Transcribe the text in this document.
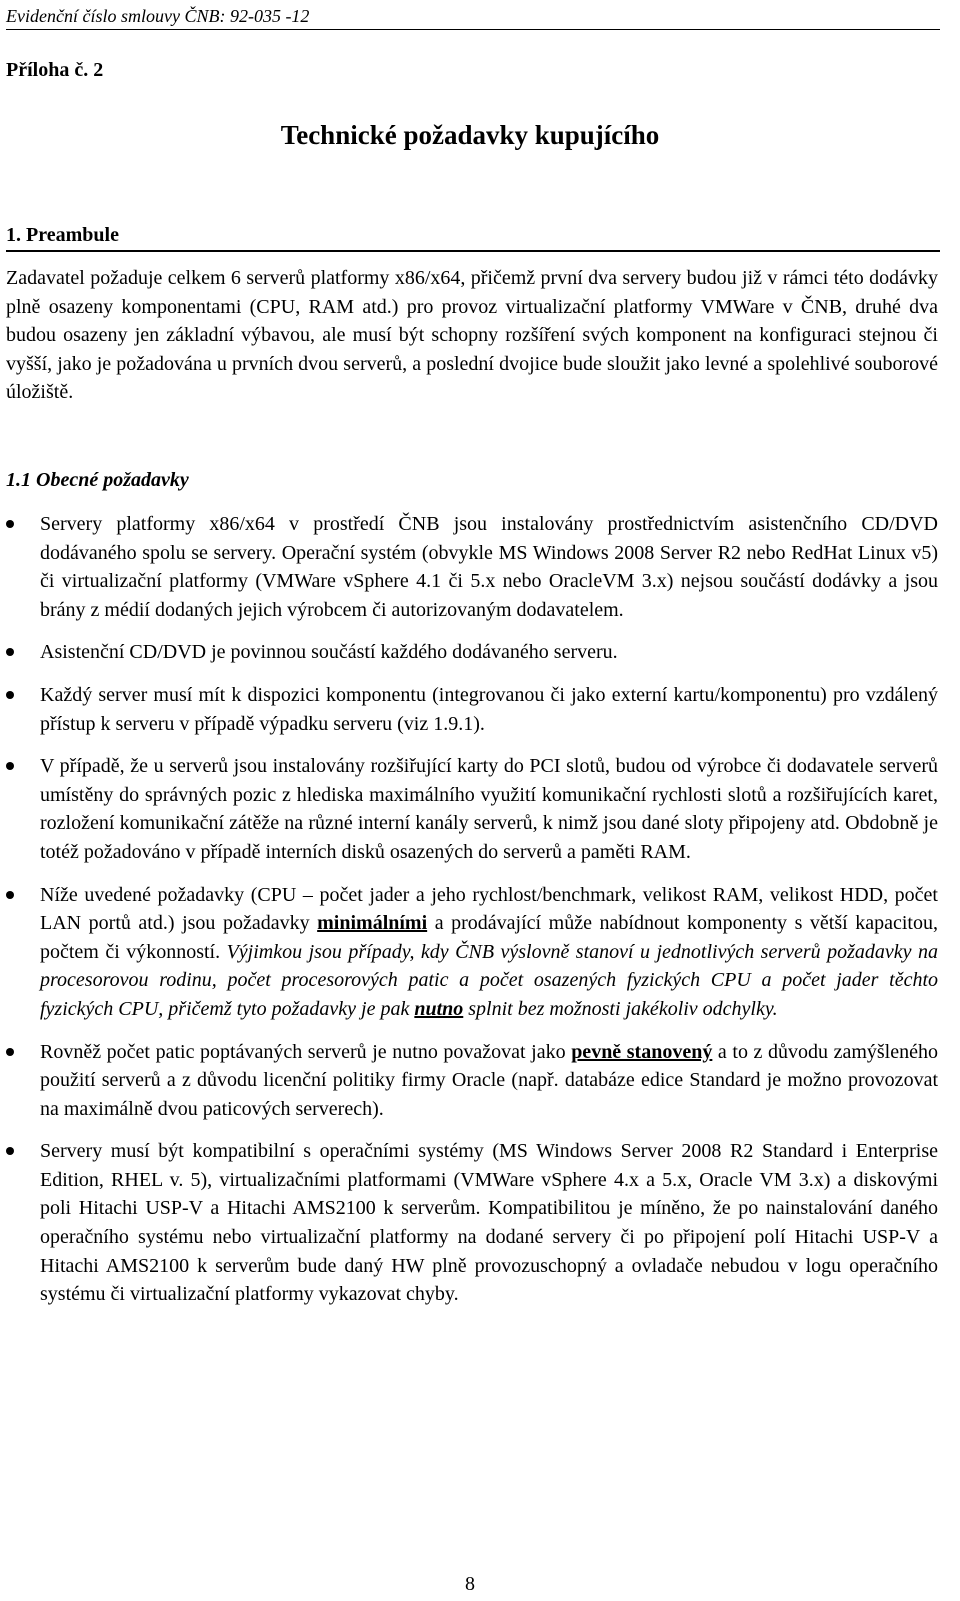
Evidenční číslo smlouvy ČNB: 92-035 -12
Příloha č. 2
Technické požadavky kupujícího
1. Preambule

Zadavatel požaduje celkem 6 serverů platformy x86/x64, přičemž první dva servery budou již v rámci této dodávky plně osazeny komponentami (CPU, RAM atd.) pro provoz virtualizační platformy VMWare v ČNB, druhé dva budou osazeny jen základní výbavou, ale musí být schopny rozšíření svých komponent na konfiguraci stejnou či vyšší, jako je požadována u prvních dvou serverů, a poslední dvojice bude sloužit jako levné a spolehlivé souborové úložiště.

1.1 Obecné požadavky
Servery platformy x86/x64 v prostředí ČNB jsou instalovány prostřednictvím asistenčního CD/DVD dodávaného spolu se servery. Operační systém (obvykle MS Windows 2008 Server R2 nebo RedHat Linux v5) či virtualizační platformy (VMWare vSphere 4.1 či 5.x nebo OracleVM 3.x) nejsou součástí dodávky a jsou brány z médií dodaných jejich výrobcem či autorizovaným dodavatelem.
Asistenční CD/DVD je povinnou součástí každého dodávaného serveru.
Každý server musí mít k dispozici komponentu (integrovanou či jako externí kartu/komponentu) pro vzdálený přístup k serveru v případě výpadku serveru (viz 1.9.1).
V případě, že u serverů jsou instalovány rozšiřující karty do PCI slotů, budou od výrobce či dodavatele serverů umístěny do správných pozic z hlediska maximálního využití komunikační rychlosti slotů a rozšiřujících karet, rozložení komunikační zátěže na různé interní kanály serverů, k nimž jsou dané sloty připojeny atd. Obdobně je totéž požadováno v případě interních disků osazených do serverů a paměti RAM.
Níže uvedené požadavky (CPU – počet jader a jeho rychlost/benchmark, velikost RAM, velikost HDD, počet LAN portů atd.) jsou požadavky minimálními a prodávající může nabídnout komponenty s větší kapacitou, počtem či výkonností. Výjimkou jsou případy, kdy ČNB výslovně stanoví u jednotlivých serverů požadavky na procesorovou rodinu, počet procesorových patic a počet osazených fyzických CPU a počet jader těchto fyzických CPU, přičemž tyto požadavky je pak nutno splnit bez možnosti jakékoliv odchylky.
Rovněž počet patic poptávaných serverů je nutno považovat jako pevně stanovený a to z důvodu zamýšleného použití serverů a z důvodu licenční politiky firmy Oracle (např. databáze edice Standard je možno provozovat na maximálně dvou paticových serverech).
Servery musí být kompatibilní s operačními systémy (MS Windows Server 2008 R2 Standard i Enterprise Edition, RHEL v. 5), virtualizačními platformami (VMWare vSphere 4.x a 5.x, Oracle VM 3.x) a diskovými poli Hitachi USP-V a Hitachi AMS2100 k serverům. Kompatibilitou je míněno, že po nainstalování daného operačního systému nebo virtualizační platformy na dodané servery či po připojení polí Hitachi USP-V a Hitachi AMS2100 k serverům bude daný HW plně provozuschopný a ovladače nebudou v logu operačního systému či virtualizační platformy vykazovat chyby.
8
